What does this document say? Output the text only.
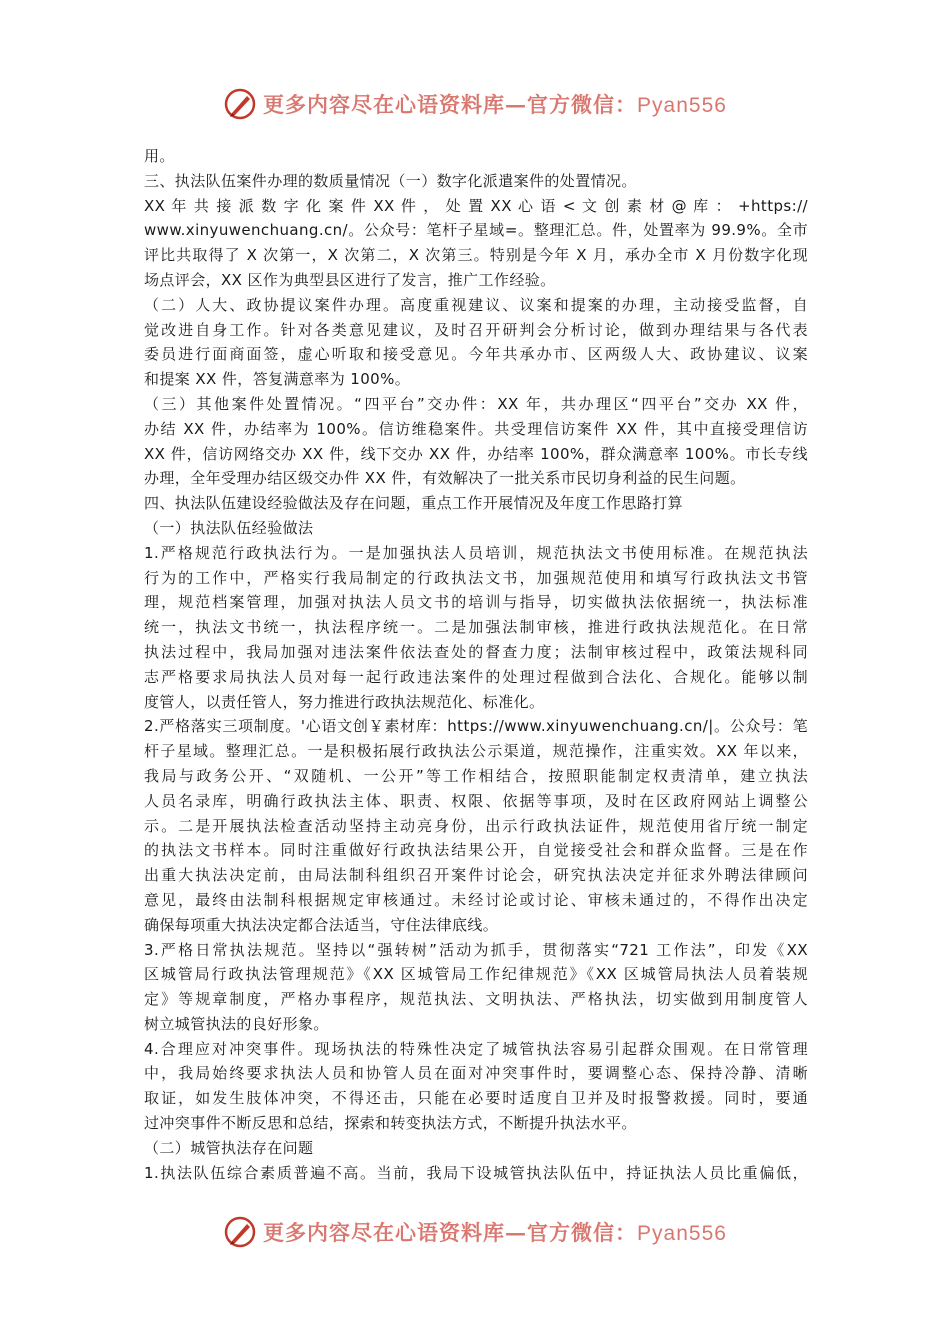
更多内容尽在心语资料库—官方微信：Pyan556
用。
三、执法队伍案件办理的数质量情况（一）数字化派遣案件的处置情况。
XX 年 共 接 派 数 字 化 案 件 XX 件 ， 处 置 XX 心 语 < 文 创 素 材 @ 库 ： +https://
www.xinyuwenchuang.cn/。公众号：笔杆子星域=。整理汇总。件，处置率为 99.9%。全市
评比共取得了 X 次第一，X 次第二，X 次第三。特别是今年 X 月，承办全市 X 月份数字化现
场点评会，XX 区作为典型县区进行了发言，推广工作经验。
（二）人大、政协提议案件办理。高度重视建议、议案和提案的办理，主动接受监督，自
觉改进自身工作。针对各类意见建议，及时召开研判会分析讨论，做到办理结果与各代表
委员进行面商面签，虚心听取和接受意见。今年共承办市、区两级人大、政协建议、议案
和提案 XX 件，答复满意率为 100%。
（三）其他案件处置情况。“四平台”交办件：XX 年，共办理区“四平台”交办 XX 件，
办结 XX 件，办结率为 100%。信访维稳案件。共受理信访案件 XX 件，其中直接受理信访
XX 件，信访网络交办 XX 件，线下交办 XX 件，办结率 100%，群众满意率 100%。市长专线
办理，全年受理办结区级交办件 XX 件，有效解决了一批关系市民切身利益的民生问题。
四、执法队伍建设经验做法及存在问题，重点工作开展情况及年度工作思路打算
（一）执法队伍经验做法
1.严格规范行政执法行为。一是加强执法人员培训，规范执法文书使用标准。在规范执法
行为的工作中，严格实行我局制定的行政执法文书，加强规范使用和填写行政执法文书管
理，规范档案管理，加强对执法人员文书的培训与指导，切实做执法依据统一，执法标准
统一，执法文书统一，执法程序统一。二是加强法制审核，推进行政执法规范化。在日常
执法过程中，我局加强对违法案件依法查处的督查力度；法制审核过程中，政策法规科同
志严格要求局执法人员对每一起行政违法案件的处理过程做到合法化、合规化。能够以制
度管人，以责任管人，努力推进行政执法规范化、标准化。
2.严格落实三项制度。'心语文创￥素材库：https://www.xinyuwenchuang.cn/|。公众号：笔
杆子星域。整理汇总。一是积极拓展行政执法公示渠道，规范操作，注重实效。XX 年以来，
我局与政务公开、“双随机、一公开”等工作相结合，按照职能制定权责清单，建立执法
人员名录库，明确行政执法主体、职责、权限、依据等事项，及时在区政府网站上调整公
示。二是开展执法检查活动坚持主动亮身份，出示行政执法证件，规范使用省厅统一制定
的执法文书样本。同时注重做好行政执法结果公开，自觉接受社会和群众监督。三是在作
出重大执法决定前，由局法制科组织召开案件讨论会，研究执法决定并征求外聘法律顾问
意见，最终由法制科根据规定审核通过。未经讨论或讨论、审核未通过的，不得作出决定
确保每项重大执法决定都合法适当，守住法律底线。
3.严格日常执法规范。坚持以“强转树”活动为抓手，贯彻落实“721 工作法”，印发《XX
区城管局行政执法管理规范》《XX 区城管局工作纪律规范》《XX 区城管局执法人员着装规
定》等规章制度，严格办事程序，规范执法、文明执法、严格执法，切实做到用制度管人
树立城管执法的良好形象。
4.合理应对冲突事件。现场执法的特殊性决定了城管执法容易引起群众围观。在日常管理
中，我局始终要求执法人员和协管人员在面对冲突事件时，要调整心态、保持冷静、清晰
取证，如发生肢体冲突，不得还击，只能在必要时适度自卫并及时报警救援。同时，要通
过冲突事件不断反思和总结，探索和转变执法方式，不断提升执法水平。
（二）城管执法存在问题
1.执法队伍综合素质普遍不高。当前，我局下设城管执法队伍中，持证执法人员比重偏低，
更多内容尽在心语资料库—官方微信：Pyan556
